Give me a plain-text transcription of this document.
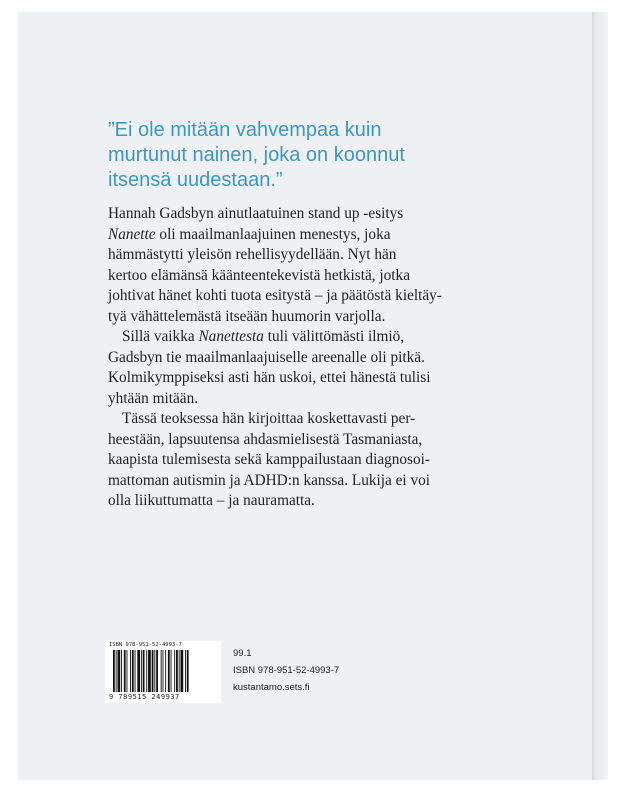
”Ei ole mitään vahvempaa kuin
murtunut nainen, joka on koonnut
itsensä uudestaan.”

Hannah Gadsbyn ainutlaatuinen stand up -esitys
Nanette oli maailmanlaajuinen menestys, joka
hämmästytti yleisön rehellisyydellään. Nyt hän
kertoo elämänsä käänteentekevistä hetkistä, jotka
johtivat hänet kohti tuota esitystä – ja päätöstä kieltäy-
tyä vähättelemästä itseään huumorin varjolla.

Sillä vaikka Nanettesta tuli välittömästi ilmiö,
Gadsbyn tie maailmanlaajuiselle areenalle oli pitkä.
Kolmikymppiseksi asti hän uskoi, ettei hänestä tulisi
yhtään mitään.

Tässä teoksessa hän kirjoittaa koskettavasti per-
heestään, lapsuutensa ahdasmielisestä Tasmaniasta,
kaapista tulemisesta sekä kamppailustaan diagnosoi-
mattoman autismin ja ADHD:n kanssa. Lukija ei voi
olla liikuttumatta – ja nauramatta.

ISBN 978-951-52-4993-7
9 789515 249937
99.1
ISBN 978-951-52-4993-7
kustantamo.sets.fi
